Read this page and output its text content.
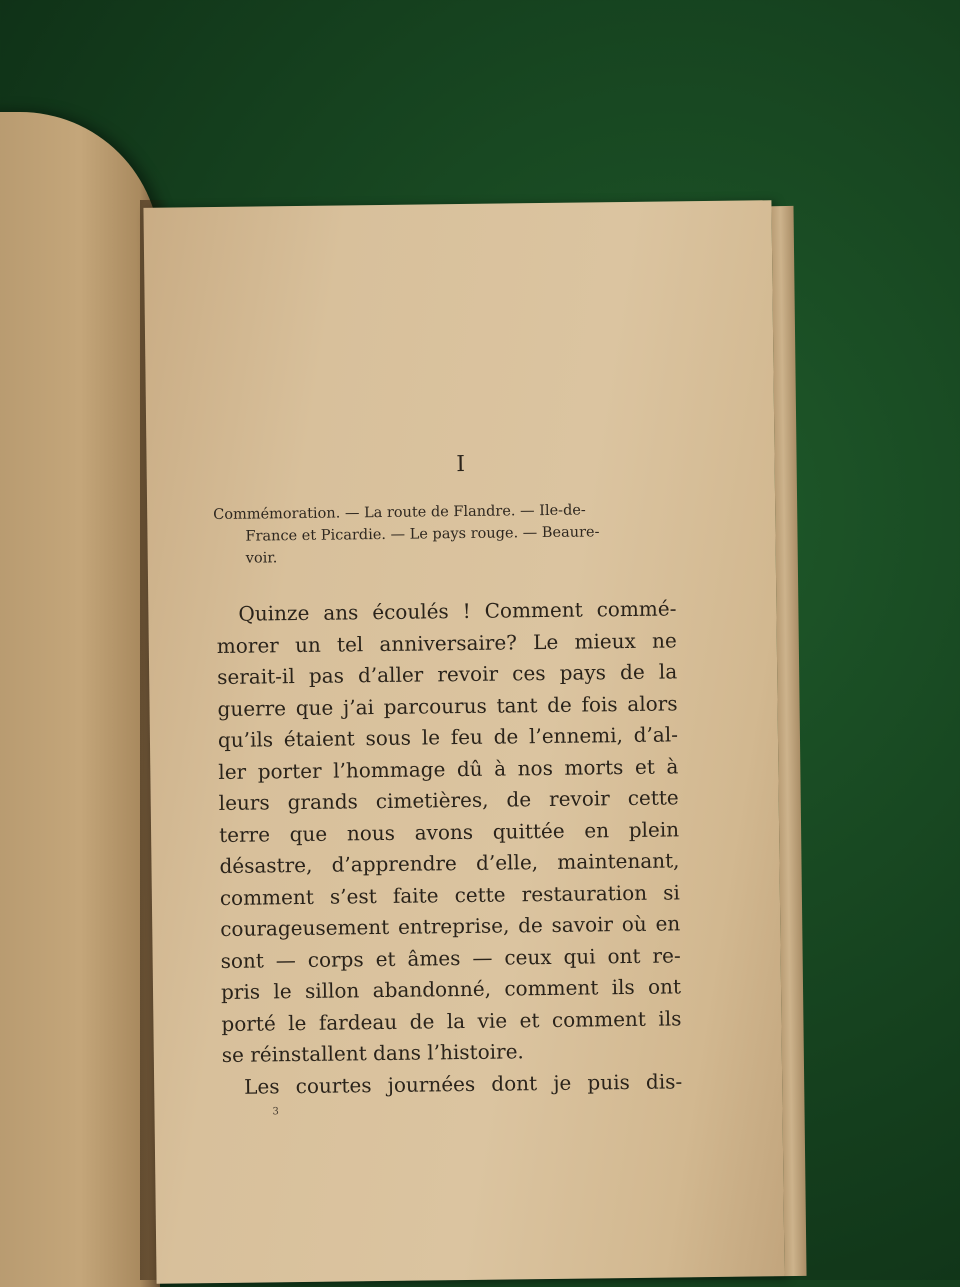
I
Commémoration. — La route de Flandre. — Ile-de-
France et Picardie. — Le pays rouge. — Beaure-
voir.
Quinze ans écoulés ! Comment commé-
morer un tel anniversaire? Le mieux ne
serait-il pas d’aller revoir ces pays de la
guerre que j’ai parcourus tant de fois alors
qu’ils étaient sous le feu de l’ennemi, d’al-
ler porter l’hommage dû à nos morts et à
leurs grands cimetières, de revoir cette
terre que nous avons quittée en plein
désastre, d’apprendre d’elle, maintenant,
comment s’est faite cette restauration si
courageusement entreprise, de savoir où en
sont — corps et âmes — ceux qui ont re-
pris le sillon abandonné, comment ils ont
porté le fardeau de la vie et comment ils
se réinstallent dans l’histoire.
Les courtes journées dont je puis dis-
3
